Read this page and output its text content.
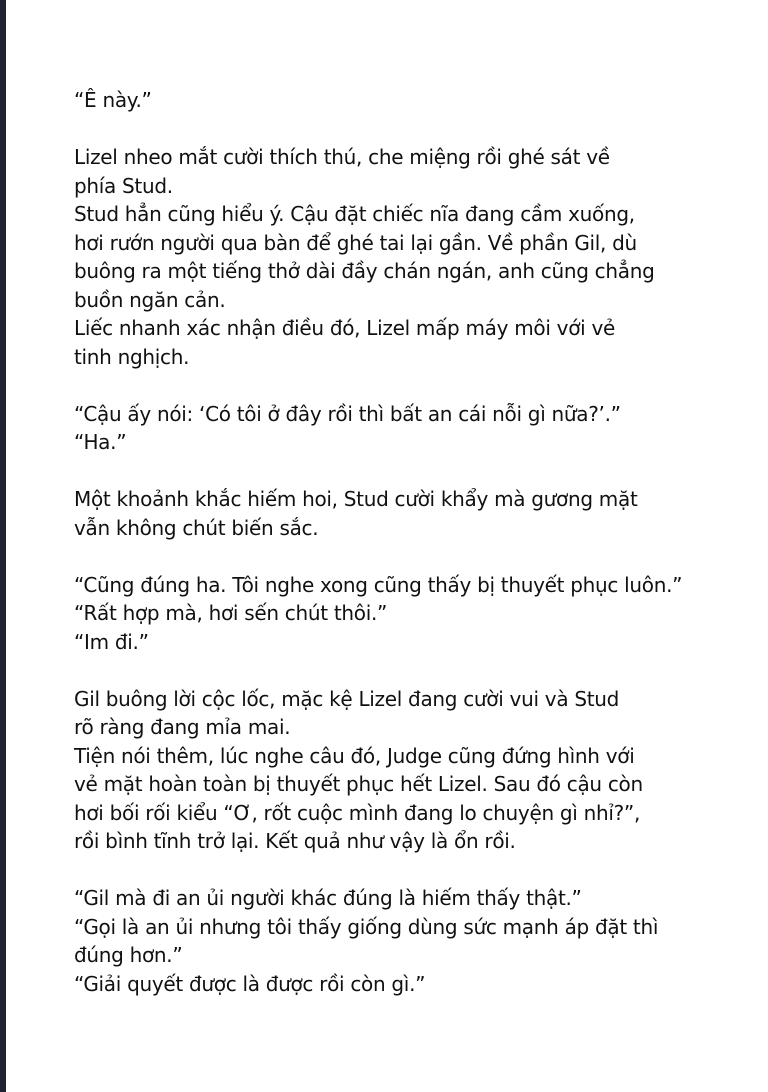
“Ê này.”
Lizel nheo mắt cười thích thú, che miệng rồi ghé sát về
phía Stud.
Stud hẳn cũng hiểu ý. Cậu đặt chiếc nĩa đang cầm xuống,
hơi rướn người qua bàn để ghé tai lại gần. Về phần Gil, dù
buông ra một tiếng thở dài đầy chán ngán, anh cũng chẳng
buồn ngăn cản.
Liếc nhanh xác nhận điều đó, Lizel mấp máy môi với vẻ
tinh nghịch.
“Cậu ấy nói: ‘Có tôi ở đây rồi thì bất an cái nỗi gì nữa?’.”
“Ha.”
Một khoảnh khắc hiếm hoi, Stud cười khẩy mà gương mặt
vẫn không chút biến sắc.
“Cũng đúng ha. Tôi nghe xong cũng thấy bị thuyết phục luôn.”
“Rất hợp mà, hơi sến chút thôi.”
“Im đi.”
Gil buông lời cộc lốc, mặc kệ Lizel đang cười vui và Stud
rõ ràng đang mỉa mai.
Tiện nói thêm, lúc nghe câu đó, Judge cũng đứng hình với
vẻ mặt hoàn toàn bị thuyết phục hết Lizel. Sau đó cậu còn
hơi bối rối kiểu “Ơ, rốt cuộc mình đang lo chuyện gì nhỉ?”,
rồi bình tĩnh trở lại. Kết quả như vậy là ổn rồi.
“Gil mà đi an ủi người khác đúng là hiếm thấy thật.”
“Gọi là an ủi nhưng tôi thấy giống dùng sức mạnh áp đặt thì
đúng hơn.”
“Giải quyết được là được rồi còn gì.”
